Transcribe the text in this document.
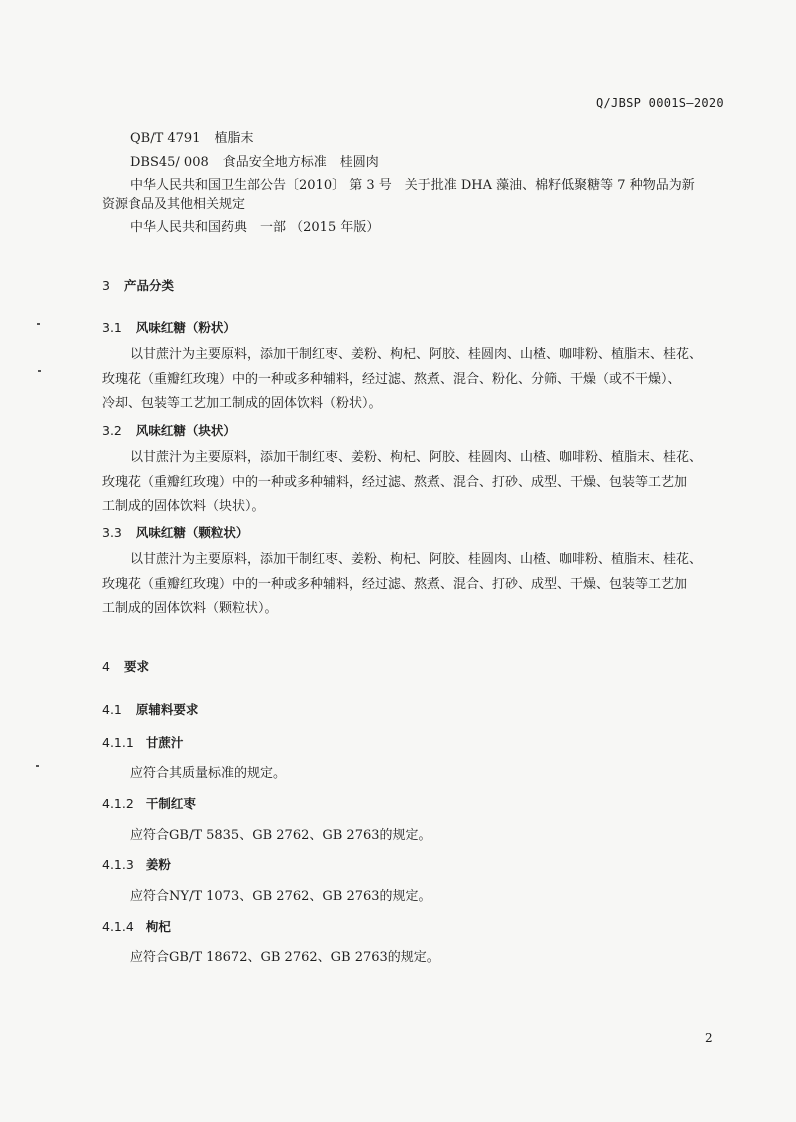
Q/JBSP 0001S—2020
QB/T 4791 植脂末
DBS45/ 008 食品安全地方标准　桂圆肉
中华人民共和国卫生部公告〔2010〕 第 3 号　关于批准 DHA 藻油、棉籽低聚糖等 7 种物品为新
资源食品及其他相关规定
中华人民共和国药典　一部 （2015 年版）
3 产品分类
3.1 风味红糖（粉状）
以甘蔗汁为主要原料，添加干制红枣、姜粉、枸杞、阿胶、桂圆肉、山楂、咖啡粉、植脂末、桂花、
玫瑰花（重瓣红玫瑰）中的一种或多种辅料，经过滤、熬煮、混合、粉化、分筛、干燥（或不干燥）、
冷却、包装等工艺加工制成的固体饮料（粉状）。
3.2 风味红糖（块状）
以甘蔗汁为主要原料，添加干制红枣、姜粉、枸杞、阿胶、桂圆肉、山楂、咖啡粉、植脂末、桂花、
玫瑰花（重瓣红玫瑰）中的一种或多种辅料，经过滤、熬煮、混合、打砂、成型、干燥、包装等工艺加
工制成的固体饮料（块状）。
3.3 风味红糖（颗粒状）
以甘蔗汁为主要原料，添加干制红枣、姜粉、枸杞、阿胶、桂圆肉、山楂、咖啡粉、植脂末、桂花、
玫瑰花（重瓣红玫瑰）中的一种或多种辅料，经过滤、熬煮、混合、打砂、成型、干燥、包装等工艺加
工制成的固体饮料（颗粒状）。
4 要求
4.1 原辅料要求
4.1.1 甘蔗汁
应符合其质量标准的规定。
4.1.2 干制红枣
应符合GB/T 5835、GB 2762、GB 2763的规定。
4.1.3 姜粉
应符合NY/T 1073、GB 2762、GB 2763的规定。
4.1.4 枸杞
应符合GB/T 18672、GB 2762、GB 2763的规定。
2
